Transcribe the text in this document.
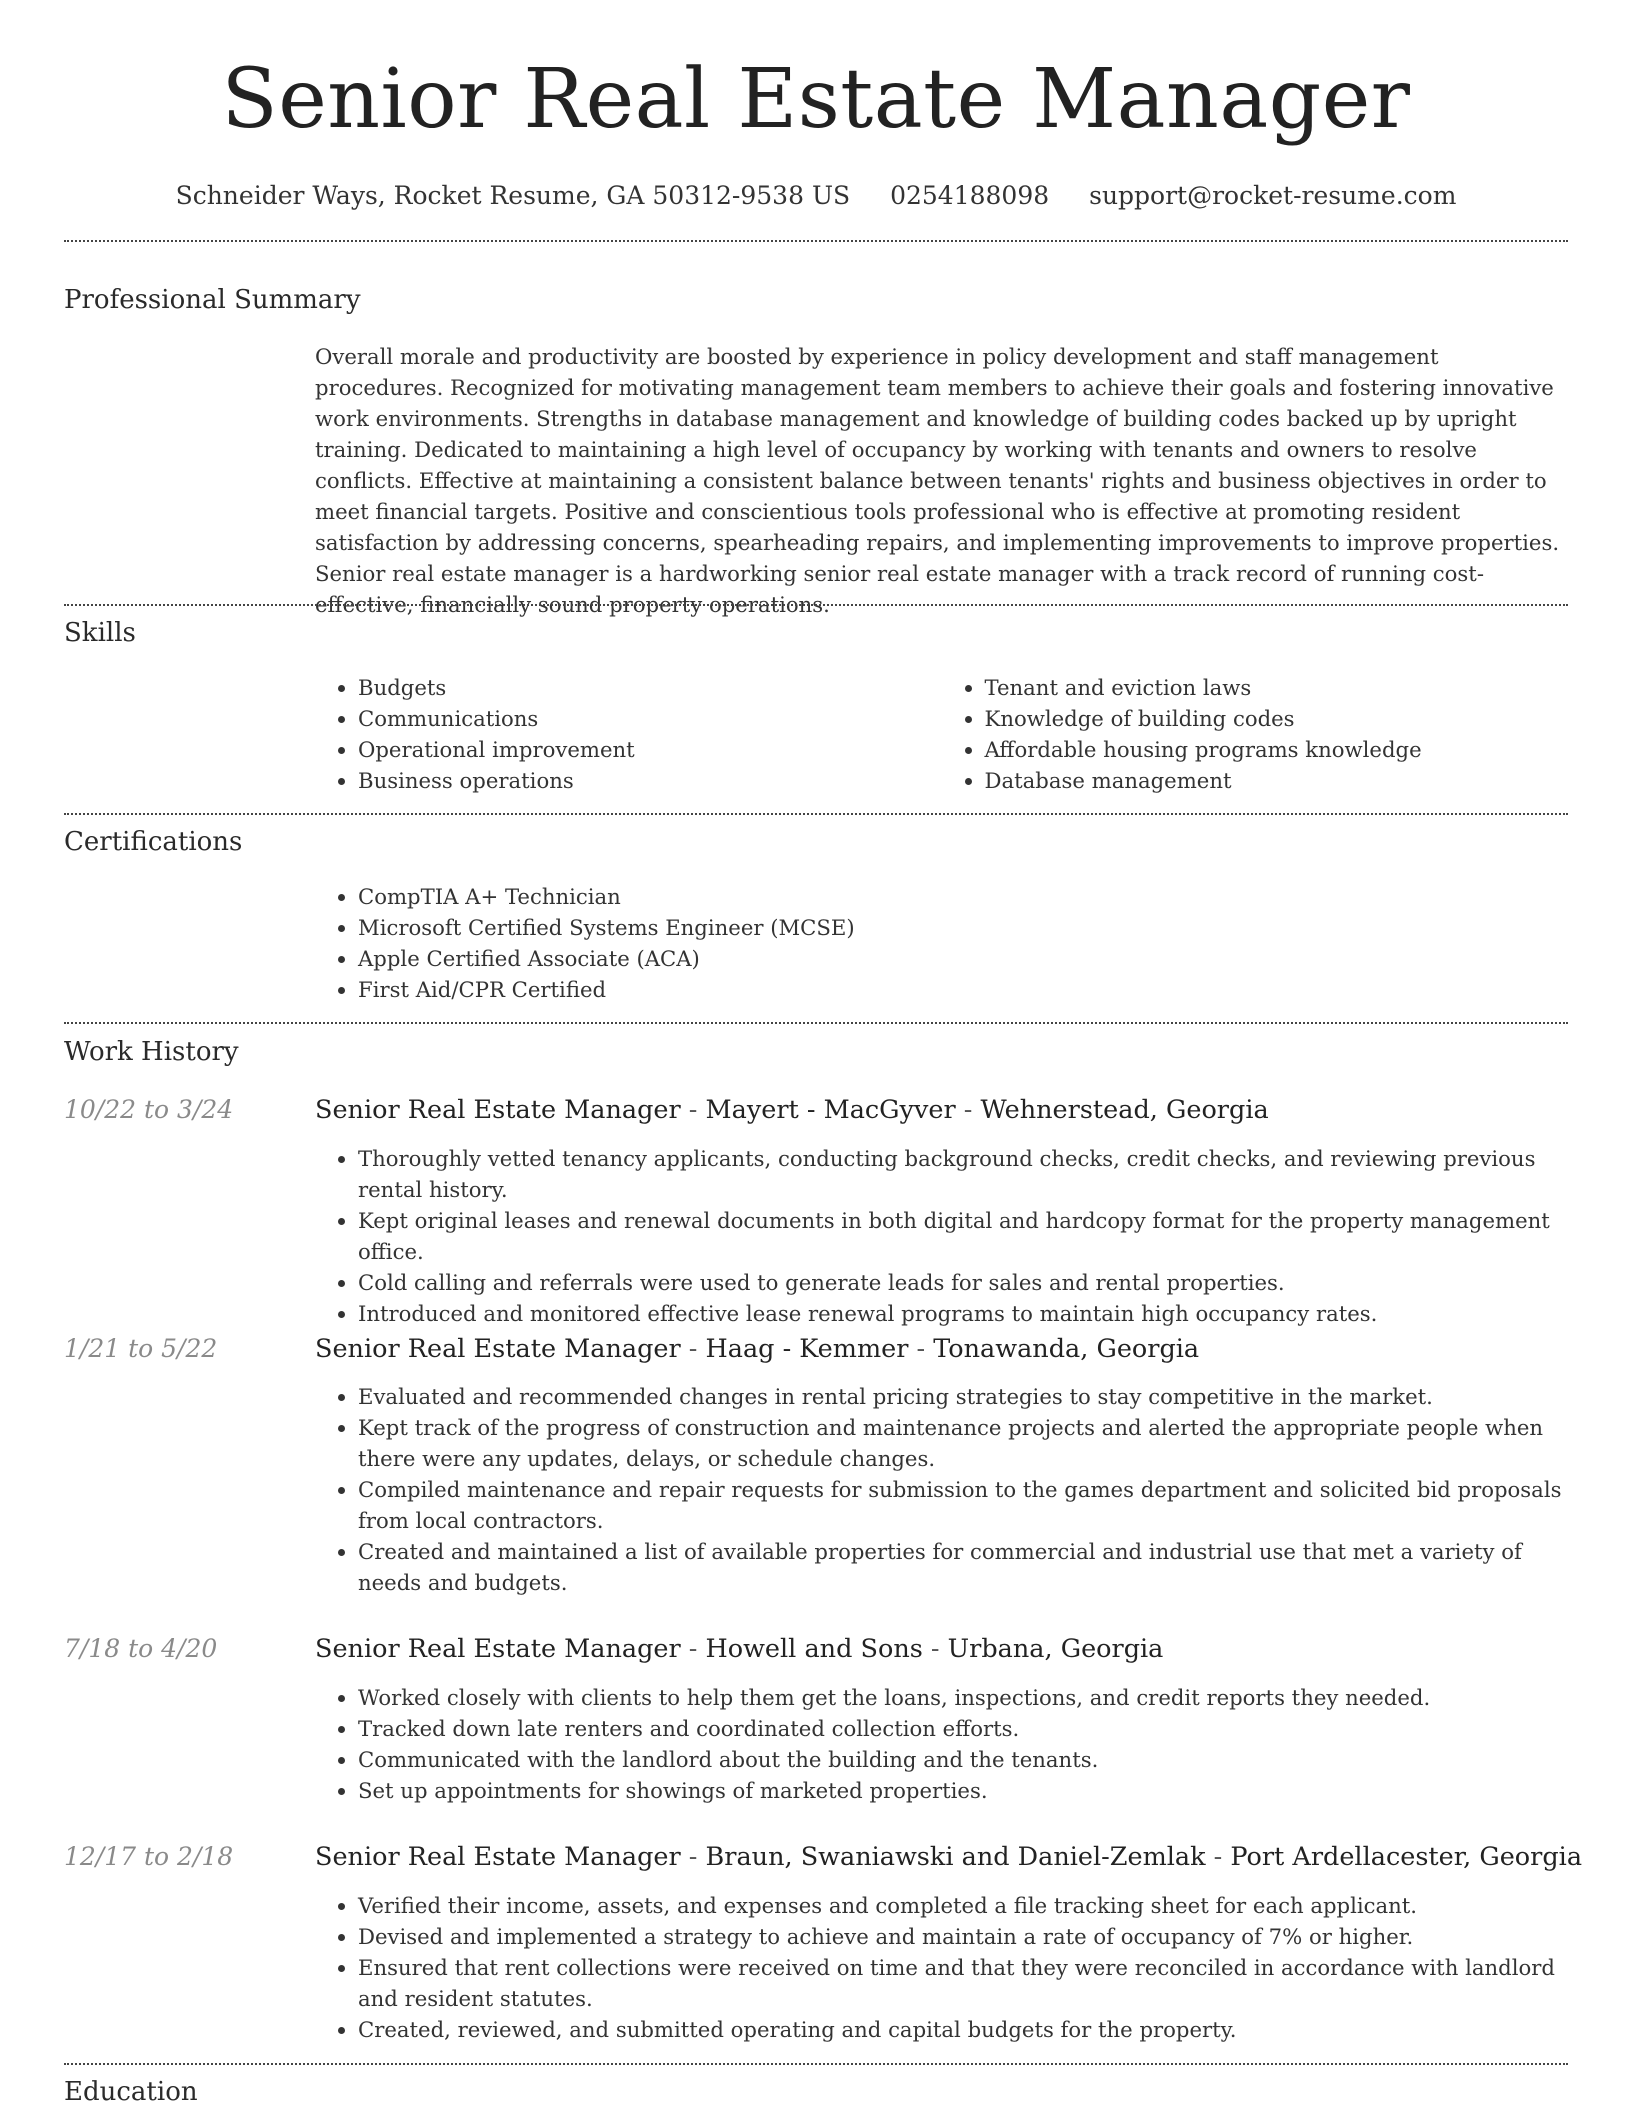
Senior Real Estate Manager
Schneider Ways, Rocket Resume, GA 50312-9538 US 0254188098 support@rocket-resume.com
Professional Summary

Overall morale and productivity are boosted by experience in policy development and staff management procedures. Recognized for motivating management team members to achieve their goals and fostering innovative work environments. Strengths in database management and knowledge of building codes backed up by upright training. Dedicated to maintaining a high level of occupancy by working with tenants and owners to resolve conflicts. Effective at maintaining a consistent balance between tenants' rights and business objectives in order to meet financial targets. Positive and conscientious tools professional who is effective at promoting resident satisfaction by addressing concerns, spearheading repairs, and implementing improvements to improve properties. Senior real estate manager is a hardworking senior real estate manager with a track record of running cost-effective, financially sound property operations.

Skills
• Budgets
• Communications
• Operational improvement
• Business operations
• Tenant and eviction laws
• Knowledge of building codes
• Affordable housing programs knowledge
• Database management
Certifications
• CompTIA A+ Technician
• Microsoft Certified Systems Engineer (MCSE)
• Apple Certified Associate (ACA)
• First Aid/CPR Certified
Work History
10/22 to 3/24	Senior Real Estate Manager - Mayert - MacGyver - Wehnerstead, Georgia
• Thoroughly vetted tenancy applicants, conducting background checks, credit checks, and reviewing previous rental history.
• Kept original leases and renewal documents in both digital and hardcopy format for the property management office.
• Cold calling and referrals were used to generate leads for sales and rental properties.
• Introduced and monitored effective lease renewal programs to maintain high occupancy rates.
1/21 to 5/22	Senior Real Estate Manager - Haag - Kemmer - Tonawanda, Georgia
• Evaluated and recommended changes in rental pricing strategies to stay competitive in the market.
• Kept track of the progress of construction and maintenance projects and alerted the appropriate people when there were any updates, delays, or schedule changes.
• Compiled maintenance and repair requests for submission to the games department and solicited bid proposals from local contractors.
• Created and maintained a list of available properties for commercial and industrial use that met a variety of needs and budgets.
7/18 to 4/20	Senior Real Estate Manager - Howell and Sons - Urbana, Georgia
• Worked closely with clients to help them get the loans, inspections, and credit reports they needed.
• Tracked down late renters and coordinated collection efforts.
• Communicated with the landlord about the building and the tenants.
• Set up appointments for showings of marketed properties.
12/17 to 2/18	Senior Real Estate Manager - Braun, Swaniawski and Daniel-Zemlak - Port Ardellacester, Georgia
• Verified their income, assets, and expenses and completed a file tracking sheet for each applicant.
• Devised and implemented a strategy to achieve and maintain a rate of occupancy of 7% or higher.
• Ensured that rent collections were received on time and that they were reconciled in accordance with landlord and resident statutes.
• Created, reviewed, and submitted operating and capital budgets for the property.
Education
